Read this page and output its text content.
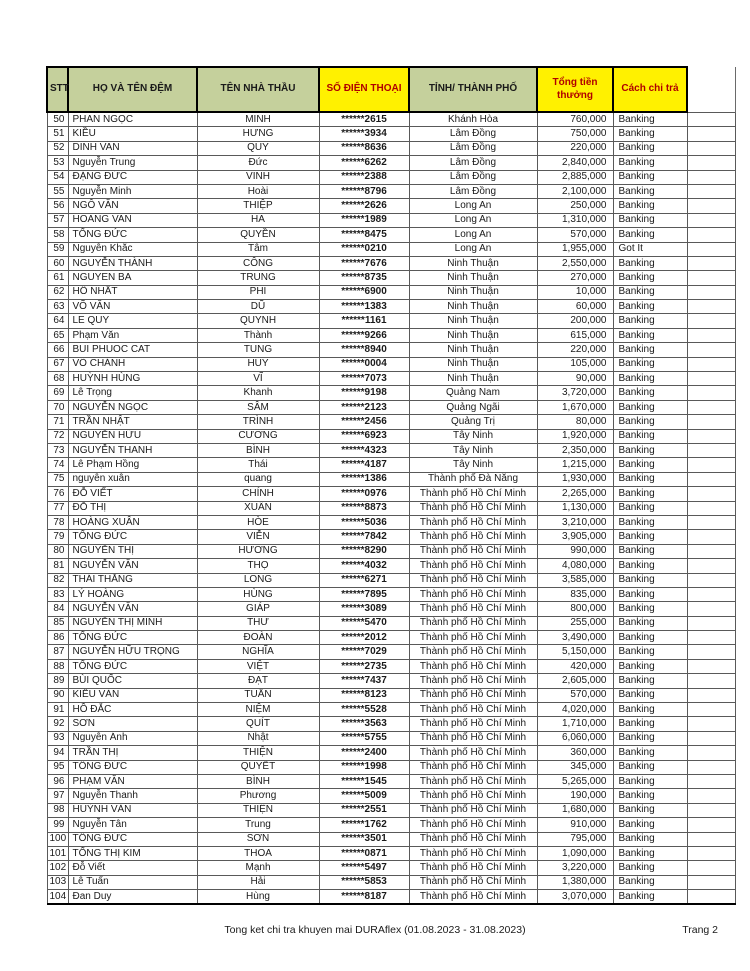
STT	HỌ VÀ TÊN ĐỆM	TÊN NHÀ THẦU	SỐ ĐIỆN THOẠI	TỈNH/ THÀNH PHỐ	Tổng tiền thưởng	Cách chi trả	
50	PHAN NGỌC	MINH	******2615	Khánh Hòa	760,000	Banking	
51	KIỀU	HƯNG	******3934	Lâm Đồng	750,000	Banking	
52	DINH VAN	QUY	******8636	Lâm Đồng	220,000	Banking	
53	Nguyễn Trung	Đức	******6262	Lâm Đồng	2,840,000	Banking	
54	ĐẶNG ĐỨC	VINH	******2388	Lâm Đồng	2,885,000	Banking	
55	Nguyễn Minh	Hoài	******8796	Lâm Đồng	2,100,000	Banking	
56	NGÔ VĂN	THIỆP	******2626	Long An	250,000	Banking	
57	HOANG VAN	HA	******1989	Long An	1,310,000	Banking	
58	TỐNG ĐỨC	QUYỀN	******8475	Long An	570,000	Banking	
59	Nguyễn Khắc	Tâm	******0210	Long An	1,955,000	Got It	
60	NGUYỄN THÀNH	CÔNG	******7676	Ninh Thuận	2,550,000	Banking	
61	NGUYEN BA	TRUNG	******8735	Ninh Thuận	270,000	Banking	
62	HỒ NHẤT	PHI	******6900	Ninh Thuận	10,000	Banking	
63	VÕ VĂN	DŨ	******1383	Ninh Thuận	60,000	Banking	
64	LE QUY	QUYNH	******1161	Ninh Thuận	200,000	Banking	
65	Phạm Văn	Thành	******9266	Ninh Thuận	615,000	Banking	
66	BUI PHUOC CAT	TUNG	******8940	Ninh Thuận	220,000	Banking	
67	VÕ CHÁNH	HUY	******0004	Ninh Thuận	105,000	Banking	
68	HUỲNH HÙNG	VĨ	******7073	Ninh Thuận	90,000	Banking	
69	Lê Trọng	Khanh	******9198	Quảng Nam	3,720,000	Banking	
70	NGUYỄN NGỌC	SÂM	******2123	Quảng Ngãi	1,670,000	Banking	
71	TRẦN NHẬT	TRÌNH	******2456	Quảng Trị	80,000	Banking	
72	NGUYỄN HỮU	CƯƠNG	******6923	Tây Ninh	1,920,000	Banking	
73	NGUYỄN THANH	BÌNH	******4323	Tây Ninh	2,350,000	Banking	
74	Lê Phạm Hồng	Thái	******4187	Tây Ninh	1,215,000	Banking	
75	nguyễn xuân	quang	******1386	Thành phố Đà Nẵng	1,930,000	Banking	
76	ĐỖ VIẾT	CHÍNH	******0976	Thành phố Hồ Chí Minh	2,265,000	Banking	
77	ĐỖ THỊ	XUÂN	******8873	Thành phố Hồ Chí Minh	1,130,000	Banking	
78	HOÀNG XUÂN	HÒE	******5036	Thành phố Hồ Chí Minh	3,210,000	Banking	
79	TỐNG ĐỨC	VIỄN	******7842	Thành phố Hồ Chí Minh	3,905,000	Banking	
80	NGUYỄN THỊ	HƯƠNG	******8290	Thành phố Hồ Chí Minh	990,000	Banking	
81	NGUYỄN VĂN	THỌ	******4032	Thành phố Hồ Chí Minh	4,080,000	Banking	
82	THÁI THẮNG	LONG	******6271	Thành phố Hồ Chí Minh	3,585,000	Banking	
83	LÝ HOÀNG	HÙNG	******7895	Thành phố Hồ Chí Minh	835,000	Banking	
84	NGUYỄN VĂN	GIÁP	******3089	Thành phố Hồ Chí Minh	800,000	Banking	
85	NGUYỄN THỊ MINH	THƯ	******5470	Thành phố Hồ Chí Minh	255,000	Banking	
86	TỐNG ĐỨC	ĐOÀN	******2012	Thành phố Hồ Chí Minh	3,490,000	Banking	
87	NGUYỄN HỮU TRỌNG	NGHĨA	******7029	Thành phố Hồ Chí Minh	5,150,000	Banking	
88	TỐNG ĐỨC	VIỆT	******2735	Thành phố Hồ Chí Minh	420,000	Banking	
89	BÙI QUỐC	ĐẠT	******7437	Thành phố Hồ Chí Minh	2,605,000	Banking	
90	KIỀU VĂN	TUẤN	******8123	Thành phố Hồ Chí Minh	570,000	Banking	
91	HỒ ĐẮC	NIỆM	******5528	Thành phố Hồ Chí Minh	4,020,000	Banking	
92	SƠN	QUÍT	******3563	Thành phố Hồ Chí Minh	1,710,000	Banking	
93	Nguyễn Ánh	Nhật	******5755	Thành phố Hồ Chí Minh	6,060,000	Banking	
94	TRẦN THỊ	THIỆN	******2400	Thành phố Hồ Chí Minh	360,000	Banking	
95	TỐNG ĐỨC	QUYẾT	******1998	Thành phố Hồ Chí Minh	345,000	Banking	
96	PHẠM VĂN	BÌNH	******1545	Thành phố Hồ Chí Minh	5,265,000	Banking	
97	Nguyễn Thanh	Phương	******5009	Thành phố Hồ Chí Minh	190,000	Banking	
98	HUỲNH VĂN	THIỆN	******2551	Thành phố Hồ Chí Minh	1,680,000	Banking	
99	Nguyễn Tân	Trung	******1762	Thành phố Hồ Chí Minh	910,000	Banking	
100	TỐNG ĐỨC	SƠN	******3501	Thành phố Hồ Chí Minh	795,000	Banking	
101	TỐNG THỊ KIM	THOA	******0871	Thành phố Hồ Chí Minh	1,090,000	Banking	
102	Đỗ Viết	Mạnh	******5497	Thành phố Hồ Chí Minh	3,220,000	Banking	
103	Lê Tuấn	Hải	******5853	Thành phố Hồ Chí Minh	1,380,000	Banking	
104	Đan Duy	Hùng	******8187	Thành phố Hồ Chí Minh	3,070,000	Banking	
Tong ket chi tra khuyen mai DURAflex (01.08.2023 - 31.08.2023)	Trang 2
